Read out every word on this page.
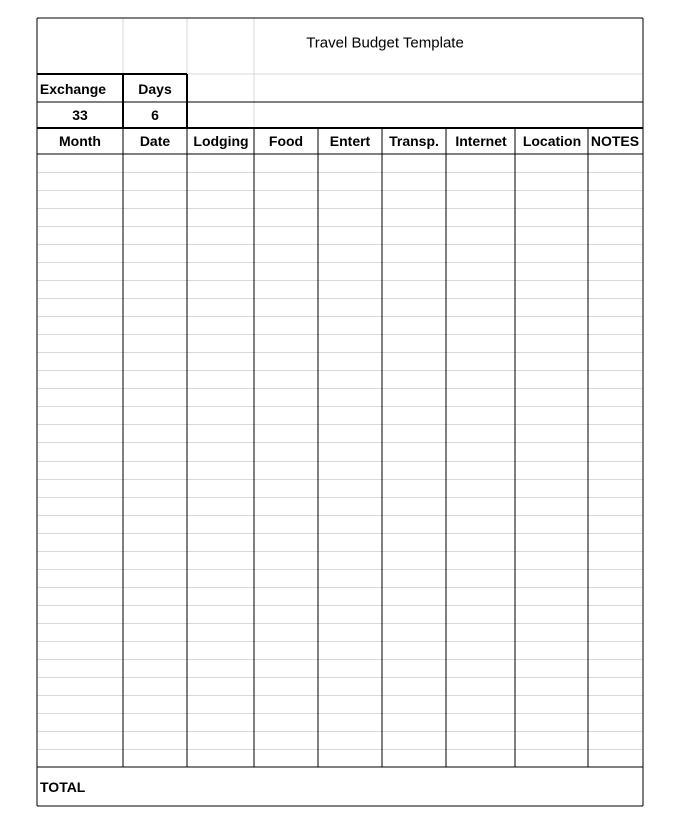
Travel Budget Template
Exchange Days
33	6
Month	Date Lodging Food Entert Transp. Internet Location NOTES
TOTAL
